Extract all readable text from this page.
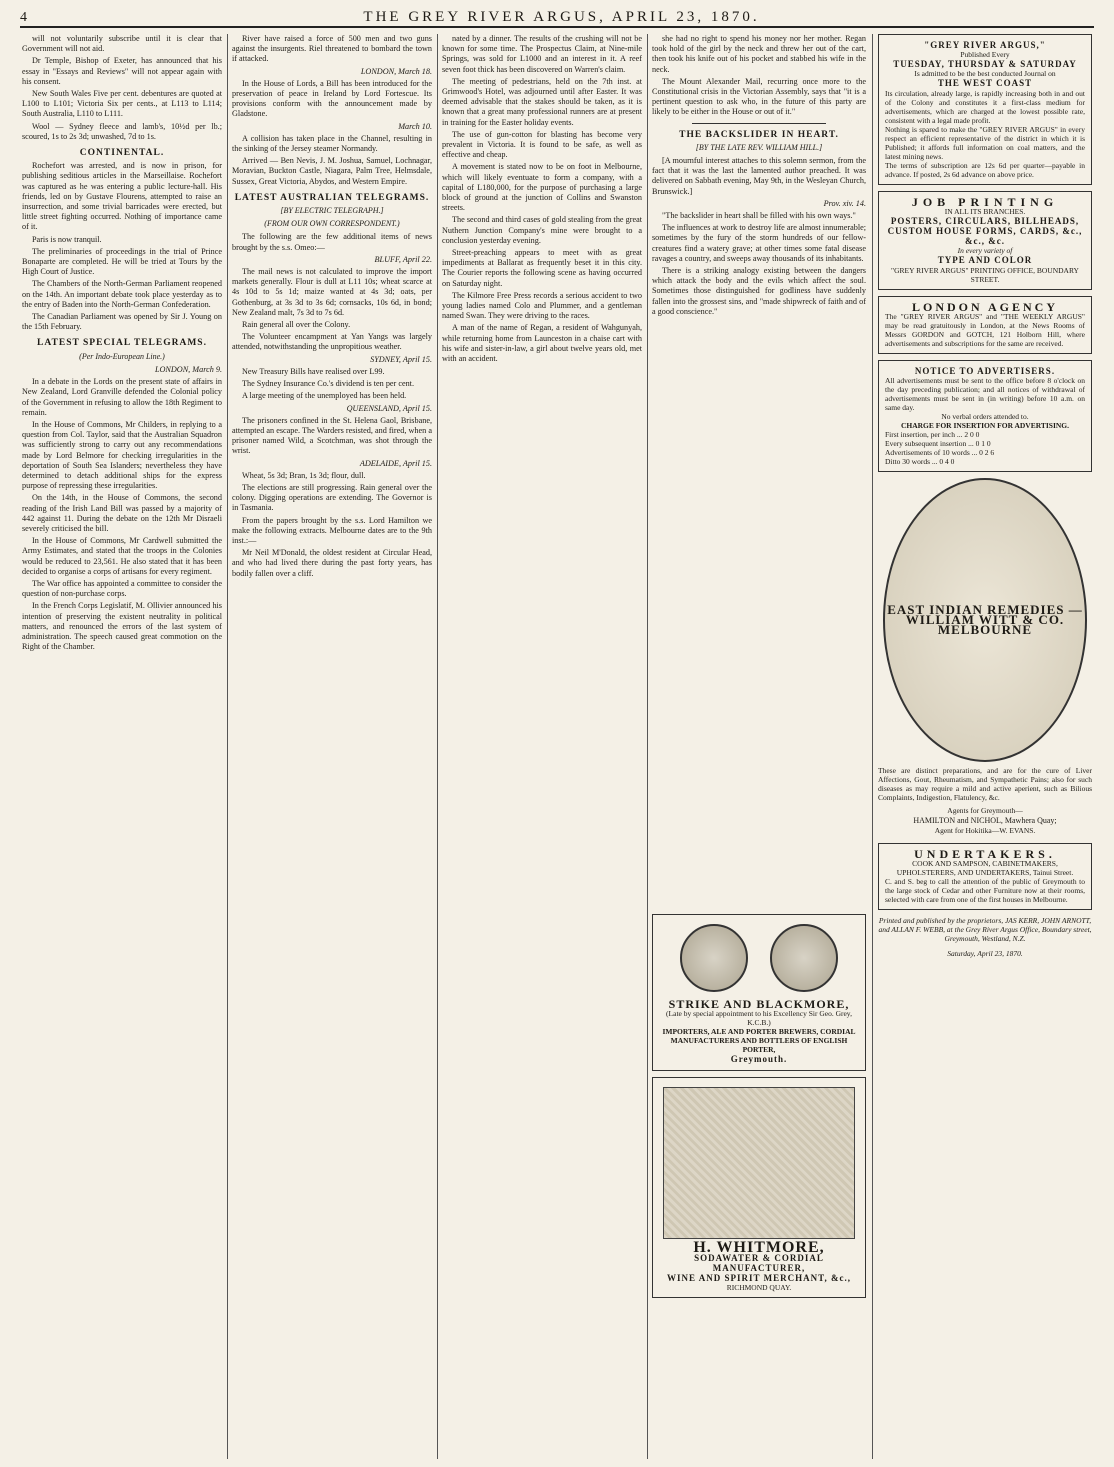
4	THE GREY RIVER ARGUS, APRIL 23, 1870.

will not voluntarily subscribe until it is clear that Government will not aid.

Dr Temple, Bishop of Exeter, has announced that his essay in "Essays and Reviews" will not appear again with his consent.

New South Wales Five per cent. debentures are quoted at L100 to L101; Victoria Six per cents., at L113 to L114; South Australia, L110 to L111.

Wool — Sydney fleece and lamb's, 10½d per lb.; scoured, 1s to 2s 3d; unwashed, 7d to 1s.

CONTINENTAL.

Rochefort was arrested, and is now in prison, for publishing seditious articles in the Marseillaise. Rochefort was captured as he was entering a public lecture-hall. His friends, led on by Gustave Flourens, attempted to raise an insurrection, and some trivial barricades were erected, but little street fighting occurred. Nothing of importance came of it.

Paris is now tranquil.

The preliminaries of proceedings in the trial of Prince Bonaparte are completed. He will be tried at Tours by the High Court of Justice.

The Chambers of the North-German Parliament reopened on the 14th. An important debate took place yesterday as to the entry of Baden into the North-German Confederation.

The Canadian Parliament was opened by Sir J. Young on the 15th February.

LATEST SPECIAL TELEGRAMS.
(Per Indo-European Line.)
LONDON, March 9.

In a debate in the Lords on the present state of affairs in New Zealand, Lord Granville defended the Colonial policy of the Government in refusing to allow the 18th Regiment to remain.

In the House of Commons, Mr Childers, in replying to a question from Col. Taylor, said that the Australian Squadron was sufficiently strong to carry out any recommendations made by Lord Belmore for checking irregularities in the deportation of South Sea Islanders; nevertheless they have determined to detach additional ships for the express purpose of repressing these irregularities.

On the 14th, in the House of Commons, the second reading of the Irish Land Bill was passed by a majority of 442 against 11. During the debate on the 12th Mr Disraeli severely criticised the bill.

In the House of Commons, Mr Cardwell submitted the Army Estimates, and stated that the troops in the Colonies would be reduced to 23,561. He also stated that it has been decided to organise a corps of artisans for every regiment.

The War office has appointed a committee to consider the question of non-purchase corps.

In the French Corps Legislatif, M. Ollivier announced his intention of preserving the existent neutrality in political matters, and renounced the errors of the last system of administration. The speech caused great commotion on the Right of the Chamber.

River have raised a force of 500 men and two guns against the insurgents. Riel threatened to bombard the town if attacked.

LONDON, March 18.

In the House of Lords, a Bill has been introduced for the preservation of peace in Ireland by Lord Fortescue. Its provisions conform with the announcement made by Gladstone.

March 10.

A collision has taken place in the Channel, resulting in the sinking of the Jersey steamer Normandy.

Arrived — Ben Nevis, J. M. Joshua, Samuel, Lochnagar, Moravian, Buckton Castle, Niagara, Palm Tree, Helmsdale, Sussex, Great Victoria, Abydos, and Western Empire.

LATEST AUSTRALIAN TELEGRAMS.
[BY ELECTRIC TELEGRAPH.]
(FROM OUR OWN CORRESPONDENT.)

The following are the few additional items of news brought by the s.s. Omeo:—

BLUFF, April 22.

The mail news is not calculated to improve the import markets generally. Flour is dull at L11 10s; wheat scarce at 4s 10d to 5s 1d; maize wanted at 4s 3d; oats, per Gothenburg, at 3s 3d to 3s 6d; cornsacks, 10s 6d, in bond; New Zealand malt, 7s 3d to 7s 6d.

Rain general all over the Colony.

The Volunteer encampment at Yan Yangs was largely attended, notwithstanding the unpropitious weather.

SYDNEY, April 15.

New Treasury Bills have realised over L99.

The Sydney Insurance Co.'s dividend is ten per cent.

A large meeting of the unemployed has been held.

QUEENSLAND, April 15.

The prisoners confined in the St. Helena Gaol, Brisbane, attempted an escape. The Warders resisted, and fired, when a prisoner named Wild, a Scotchman, was shot through the wrist.

ADELAIDE, April 15.

Wheat, 5s 3d; Bran, 1s 3d; flour, dull.

The elections are still progressing. Rain general over the colony. Digging operations are extending. The Governor is in Tasmania.

From the papers brought by the s.s. Lord Hamilton we make the following extracts. Melbourne dates are to the 9th inst.:—

Mr Neil M'Donald, the oldest resident at Circular Head, and who had lived there during the past forty years, has bodily fallen over a cliff.

nated by a dinner. The results of the crushing will not be known for some time. The Prospectus Claim, at Nine-mile Springs, was sold for L1000 and an interest in it. A reef seven foot thick has been discovered on Warren's claim.

The meeting of pedestrians, held on the 7th inst. at Grimwood's Hotel, was adjourned until after Easter. It was deemed advisable that the stakes should be taken, as it is known that a great many professional runners are at present in training for the Easter holiday events.

The use of gun-cotton for blasting has become very prevalent in Victoria. It is found to be safe, as well as effective and cheap.

A movement is stated now to be on foot in Melbourne, which will likely eventuate to form a company, with a capital of L180,000, for the purpose of purchasing a large block of ground at the junction of Collins and Swanston streets.

The second and third cases of gold stealing from the great Nuthern Junction Company's mine were brought to a conclusion yesterday evening.

Street-preaching appears to meet with as great impediments at Ballarat as frequently beset it in this city. The Courier reports the following scene as having occurred on Saturday night.

The Kilmore Free Press records a serious accident to two young ladies named Colo and Plummer, and a gentleman named Swan. They were driving to the races.

A man of the name of Regan, a resident of Wahgunyah, while returning home from Launceston in a chaise cart with his wife and sister-in-law, a girl about twelve years old, met with an accident.

she had no right to spend his money nor her mother. Regan took hold of the girl by the neck and threw her out of the cart, then took his knife out of his pocket and stabbed his wife in the neck.

The Mount Alexander Mail, recurring once more to the Constitutional crisis in the Victorian Assembly, says that "it is a pertinent question to ask who, in the future of this party are likely to be either in the House or out of it."

THE BACKSLIDER IN HEART.
[BY THE LATE REV. WILLIAM HILL.]

[A mournful interest attaches to this solemn sermon, from the fact that it was the last the lamented author preached. It was delivered on Sabbath evening, May 9th, in the Wesleyan Church, Brunswick.]

Prov. xiv. 14.

"The backslider in heart shall be filled with his own ways."

The influences at work to destroy life are almost innumerable; sometimes by the fury of the storm hundreds of our fellow-creatures find a watery grave; at other times some fatal disease ravages a country, and sweeps away thousands of its inhabitants.

There is a striking analogy existing between the dangers which attack the body and the evils which affect the soul. Sometimes those distinguished for godliness have suddenly fallen into the grossest sins, and "made shipwreck of faith and of a good conscience."

STRIKE AND BLACKMORE,
(Late by special appointment to his Excellency Sir Geo. Grey, K.C.B.)
IMPORTERS, ALE AND PORTER BREWERS, CORDIAL MANUFACTURERS AND BOTTLERS OF ENGLISH PORTER,
Greymouth.
H. WHITMORE,
SODAWATER & CORDIAL MANUFACTURER,
WINE AND SPIRIT MERCHANT, &c.,
RICHMOND QUAY.
"GREY RIVER ARGUS,"
Published Every
TUESDAY, THURSDAY & SATURDAY
Is admitted to be the best conducted Journal on
THE WEST COAST
Its circulation, already large, is rapidly increasing both in and out of the Colony and constitutes it a first-class medium for advertisements, which are charged at the lowest possible rate, consistent with a legal made profit.
Nothing is spared to make the "GREY RIVER ARGUS" in every respect an efficient representative of the district in which it is Published; it affords full information on coal matters, and the latest mining news.
The terms of subscription are 12s 6d per quarter—payable in advance. If posted, 2s 6d advance on above price.
JOB PRINTING
IN ALL ITS BRANCHES.
POSTERS, CIRCULARS, BILLHEADS, CUSTOM HOUSE FORMS, CARDS, &c., &c., &c.
In every variety of
TYPE AND COLOR
"GREY RIVER ARGUS" PRINTING OFFICE, BOUNDARY STREET.
LONDON AGENCY
The "GREY RIVER ARGUS" and "THE WEEKLY ARGUS" may be read gratuitously in London, at the News Rooms of Messrs GORDON and GOTCH, 121 Holborn Hill, where advertisements and subscriptions for the same are received.
NOTICE TO ADVERTISERS.
All advertisements must be sent to the office before 8 o'clock on the day preceding publication; and all notices of withdrawal of advertisements must be sent in (in writing) before 10 a.m. on same day.
No verbal orders attended to.
CHARGE FOR INSERTION FOR ADVERTISING.
First insertion, per inch ... 2 0 0
Every subsequent insertion ... 0 1 0
Advertisements of 10 words ... 0 2 6
Ditto 30 words ... 0 4 0
EAST INDIAN REMEDIES — WILLIAM WITT & CO. MELBOURNE
These are distinct preparations, and are for the cure of Liver Affections, Gout, Rheumatism, and Sympathetic Pains; also for such diseases as may require a mild and active aperient, such as Bilious Complaints, Indigestion, Flatulency, &c.
Agents for Greymouth—
HAMILTON and NICHOL, Mawhera Quay;
Agent for Hokitika—W. EVANS.
UNDERTAKERS.
COOK AND SAMPSON, CABINETMAKERS, UPHOLSTERERS, AND UNDERTAKERS, Tainui Street.
C. and S. beg to call the attention of the public of Greymouth to the large stock of Cedar and other Furniture now at their rooms, selected with care from one of the first houses in Melbourne.
Printed and published by the proprietors, JAS KERR, JOHN ARNOTT, and ALLAN F. WEBB, at the Grey River Argus Office, Boundary street, Greymouth, Westland, N.Z.
Saturday, April 23, 1870.
